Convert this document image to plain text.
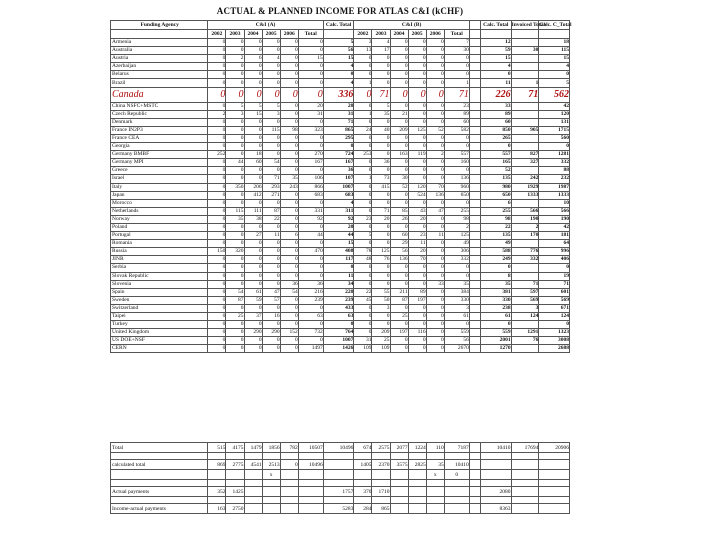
ACTUAL & PLANNED INCOME FOR ATLAS C&I (kCHF)
Funding Agency	C&I (A)						Calc. Total	C&I (B)							Calc. Total	Invoiced Total	Calc. C_Total
	2002	2003	2004	2005	2006	Total		2002	2003	2004	2005	2006	Total				
Armenia	0	0	0	0	0	0	5	3	4	0	0	0	7		12		18
Australia	0	0	0	0	0	0	56	13	17	0	0	0	30		59	30	115
Austria	0	2	6	4	0	15	15	0	0	0	0	0	0		15		15
Azerbaijan	0	0	0	0	0	0	4	0	0	0	0	0	0		4		4
Belarus	0	0	0	0	0	0	0	0	0	0	0	0	0		0		0
Brazil	0	0	0	0	0	0	4	1	0	0	0	0	1		11	1	5
Canada	0	0	0	0	0	0	336	0	71	0	0	0	71		226	71	562
China NSFC+MSTC	0	5	5	5	0	20	20	0	5	0	0	0	23		33		42
Czech Republic	2	3	15	3	0	31	31	1	35	21	0	0	89		89		120
Denmark	0	0	0	0	0	0	71	0	0	0	0	0	60		60		131
France IN2P3	0	0	0	115	98	323	865	24	40	209	125	52	582		850	905	1715
France CEA	0	0	0	0	0	0	295	0	0	0	0	0	0		265		560
Georgia	0	0	0	0	0	0	0	0	0	0	0	0	0		0		0
Germany BMBF	252	0	18	0	0	270	724	253	0	163	119	2	557		557	827	1281
Germany MPI	0	44	60	54	0	167	167	0	36	0	0	0	160		165	327	332
Greece	0	0	0	0	0	0	36	0	0	0	0	0	0		52		88
Israel	0	0	0	71	35	106	107	1	73	30	0	0	136		135	242	232
Italy	0	350	206	293	243	866	1007	0	415	52	120	70	960		980	1929	1987
Japan	0	0	412	271	0	683	683	0	0	0	524	136	650		650	1333	1333
Morocco	0	0	0	0	0	0	4	0	0	0	0	0	0		6		10
Netherlands	0	115	111	87	0	331	311	0	71	85	43	47	255		255	566	566
Norway	0	35	38	22	0	92	92	23	20	26	20	0	98		98	190	190
Poland	0	0	0	0	0	0	20	0	0	0	0	0	2		22	2	42
Portugal	0	0	27	11	6	44	44	5	0	60	23	11	125		135	170	181
Romania	0	0	0	0	0	0	15	0	0	29	11	0	49		49		64
Russia	150	320	0	0	0	470	408	78	125	56	20	0	306		588	776	996
JINR	0	0	0	0	0	0	117	48	76	136	70	0	332		249	332	406
Serbia	0	0	0	0	0	0	0	0	0	0	0	0	0		0		0
Slovak Republic	0	0	0	0	0	0	11	0	0	0	0	0	0		8		19
Slovenia	0	0	0	0	36	36	34	0	0	0	0	33	35		35	71	71
Spain	0	54	61	47	54	216	220	22	55	211	89	0	384		381	597	601
Sweden	0	87	59	57	0	239	239	45	50	87	197	0	330		330	569	569
Switzerland	0	0	0	0	0	0	433	0	3	0	0	0	3		238	3	671
Taipei	0	25	37	16	0	63	63	0	0	25	0	0	61		61	124	124
Turkey	0	0	0	0	0	0	0	0	0	0	0	0	0		0		0
United Kingdom	0	0	290	290	152	732	764	0	209	197	116	0	559		559	1291	1323
US DOE+NSF	0	0	0	0	0	0	1007	31	25	0	0	0	56		2001	76	3008
CERN	0	0	0	0	0	1497	1426	109	109	0	0	0	2670		1270		2688
Total	515	4175	1479	1856	782	10507	10496	674	2575	2077	1224	110	7187		10410	17694	20906

calculated total	869	2775	4541	2513	0	10496		1405	2370	3575	2825	35	10410				
				x								x	0				

Actual payments	352	1425					1757	370	1710						2080		

Income-actual payments	163	2750					5283	284	865						8363		
